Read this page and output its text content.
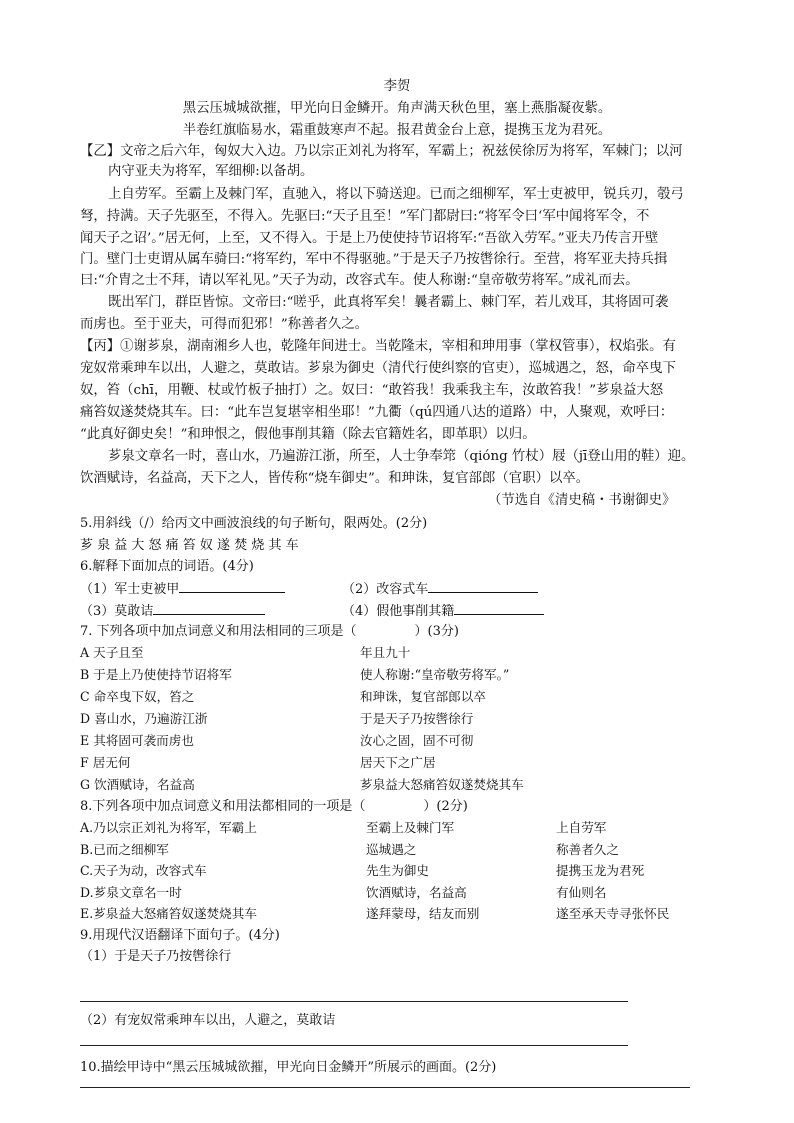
李贺
黑云压城城欲摧，甲光向日金鳞开。角声满天秋色里，塞上燕脂凝夜紫。
半卷红旗临易水，霜重鼓寒声不起。报君黄金台上意，提携玉龙为君死。
【乙】文帝之后六年，匈奴大入边。乃以宗正刘礼为将军，军霸上；祝兹侯徐厉为将军，军棘门；以河
内守亚夫为将军，军细柳:以备胡。
上自劳军。至霸上及棘门军，直驰入，将以下骑送迎。已而之细柳军，军士吏被甲，锐兵刃，彀弓
弩，持满。天子先驱至，不得入。先驱曰:“天子且至！”军门都尉曰:“将军令曰‘军中闻将军令，不
闻天子之诏’。”居无何，上至，又不得入。于是上乃使使持节诏将军:“吾欲入劳军。”亚夫乃传言开壁
门。壁门士吏谓从属车骑曰:“将军约，军中不得驱驰。”于是天子乃按辔徐行。至营，将军亚夫持兵揖
曰:“介胄之士不拜，请以军礼见。”天子为动，改容式车。使人称谢:“皇帝敬劳将军。”成礼而去。
既出军门，群臣皆惊。文帝曰:“嗟乎，此真将军矣！曩者霸上、棘门军，若儿戏耳，其将固可袭
而虏也。至于亚夫，可得而犯邪！”称善者久之。
【丙】①谢芗泉，湖南湘乡人也，乾隆年间进士。当乾隆末，宰相和珅用事（掌权管事），权焰张。有
宠奴常乘珅车以出，人避之，莫敢诘。芗泉为御史（清代行使纠察的官吏），巡城遇之，怒，命卒曳下
奴，笞（chī，用鞭、杖或竹板子抽打）之。奴曰：“敢笞我！我乘我主车，汝敢笞我！”芗泉益大怒
痛笞奴遂焚烧其车。曰：“此车岂复堪宰相坐耶！”九衢（qú四通八达的道路）中，人聚观，欢呼曰：
“此真好御史矣！”和珅恨之，假他事削其籍（除去官籍姓名，即革职）以归。
芗泉文章名一时，喜山水，乃遍游江浙，所至，人士争奉筇（qióng 竹杖）屐（jī登山用的鞋）迎。
饮酒赋诗，名益高，天下之人，皆传称“烧车御史”。和珅诛，复官部郎（官职）以卒。
（节选自《清史稿・书谢御史》
5.用斜线（/）给丙文中画波浪线的句子断句，限两处。(2分)
芗 泉 益 大 怒 痛 笞 奴 遂 焚 烧 其 车
6.解释下面加点的词语。(4分)
（1）军士吏被甲	（2）改容式车
（3）莫敢诘	（4）假他事削其籍
7. 下列各项中加点词意义和用法相同的三项是（	）(3分)
A 天子且至	年且九十
B 于是上乃使使持节诏将军	使人称谢:“皇帝敬劳将军。”
C 命卒曳下奴，笞之	和珅诛，复官部郎以卒
D 喜山水，乃遍游江浙	于是天子乃按辔徐行
E 其将固可袭而虏也	汝心之固，固不可彻
F 居无何	居天下之广居
G 饮酒赋诗，名益高	芗泉益大怒痛笞奴遂焚烧其车
8.下列各项中加点词意义和用法都相同的一项是（	）(2分)
A.乃以宗正刘礼为将军，军霸上	至霸上及棘门军	上自劳军
B.已而之细柳军	巡城遇之	称善者久之
C.天子为动，改容式车	先生为御史	提携玉龙为君死
D.芗泉文章名一时	饮酒赋诗，名益高	有仙则名
E.芗泉益大怒痛笞奴遂焚烧其车	遂拜蒙母，结友而别	遂至承天寺寻张怀民
9.用现代汉语翻译下面句子。(4分)
（1）于是天子乃按辔徐行
（2）有宠奴常乘珅车以出，人避之，莫敢诘
10.描绘甲诗中“黑云压城城欲摧，甲光向日金鳞开”所展示的画面。(2分)
